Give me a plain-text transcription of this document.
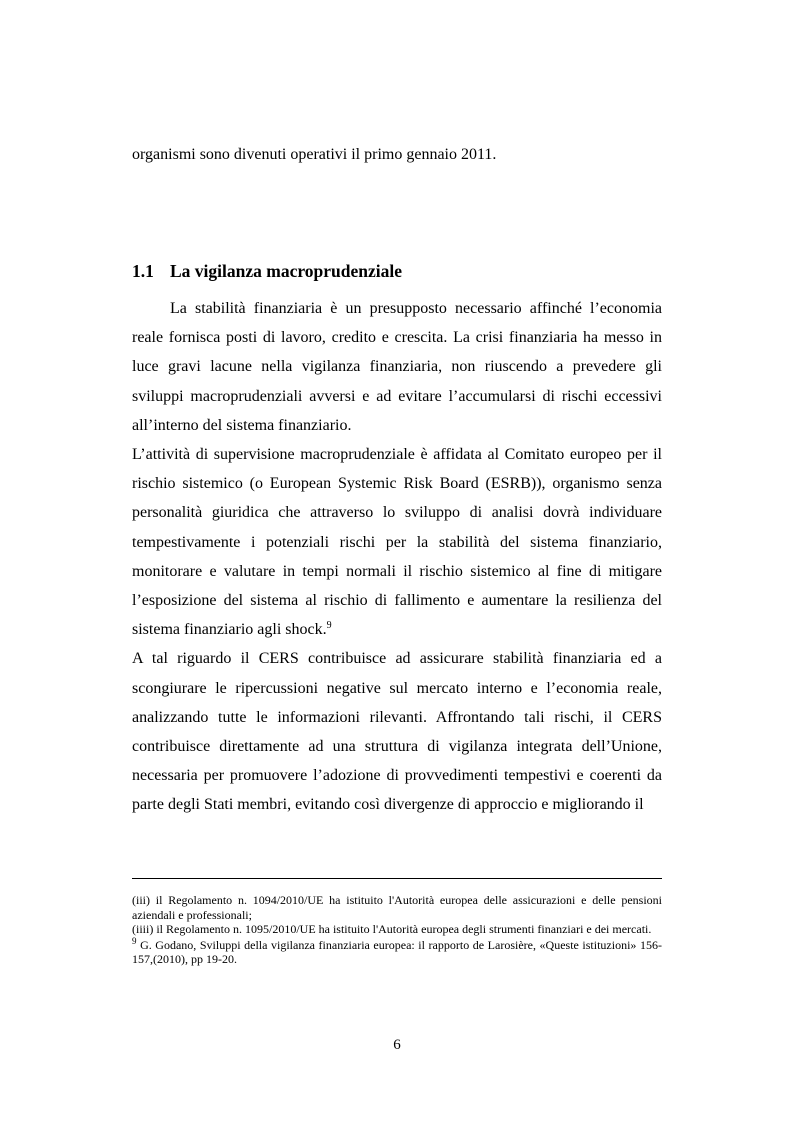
organismi sono divenuti operativi il primo gennaio 2011.

1.1 La vigilanza macroprudenziale

La stabilità finanziaria è un presupposto necessario affinché l’economia reale fornisca posti di lavoro, credito e crescita. La crisi finanziaria ha messo in luce gravi lacune nella vigilanza finanziaria, non riuscendo a prevedere gli sviluppi macroprudenziali avversi e ad evitare l’accumularsi di rischi eccessivi all’interno del sistema finanziario.

L’attività di supervisione macroprudenziale è affidata al Comitato europeo per il rischio sistemico (o European Systemic Risk Board (ESRB)), organismo senza personalità giuridica che attraverso lo sviluppo di analisi dovrà individuare tempestivamente i potenziali rischi per la stabilità del sistema finanziario, monitorare e valutare in tempi normali il rischio sistemico al fine di mitigare l’esposizione del sistema al rischio di fallimento e aumentare la resilienza del sistema finanziario agli shock.$^9$

A tal riguardo il CERS contribuisce ad assicurare stabilità finanziaria ed a scongiurare le ripercussioni negative sul mercato interno e l’economia reale, analizzando tutte le informazioni rilevanti. Affrontando tali rischi, il CERS contribuisce direttamente ad una struttura di vigilanza integrata dell’Unione, necessaria per promuovere l’adozione di provvedimenti tempestivi e coerenti da parte degli Stati membri, evitando così divergenze di approccio e migliorando il

(iii) il Regolamento n. 1094/2010/UE ha istituito l'Autorità europea delle assicurazioni e delle pensioni aziendali e professionali;

(iiii) il Regolamento n. 1095/2010/UE ha istituito l'Autorità europea degli strumenti finanziari e dei mercati.

$^9$ G. Godano, Sviluppi della vigilanza finanziaria europea: il rapporto de Larosière, «Queste istituzioni» 156-157,(2010), pp 19-20.

6
